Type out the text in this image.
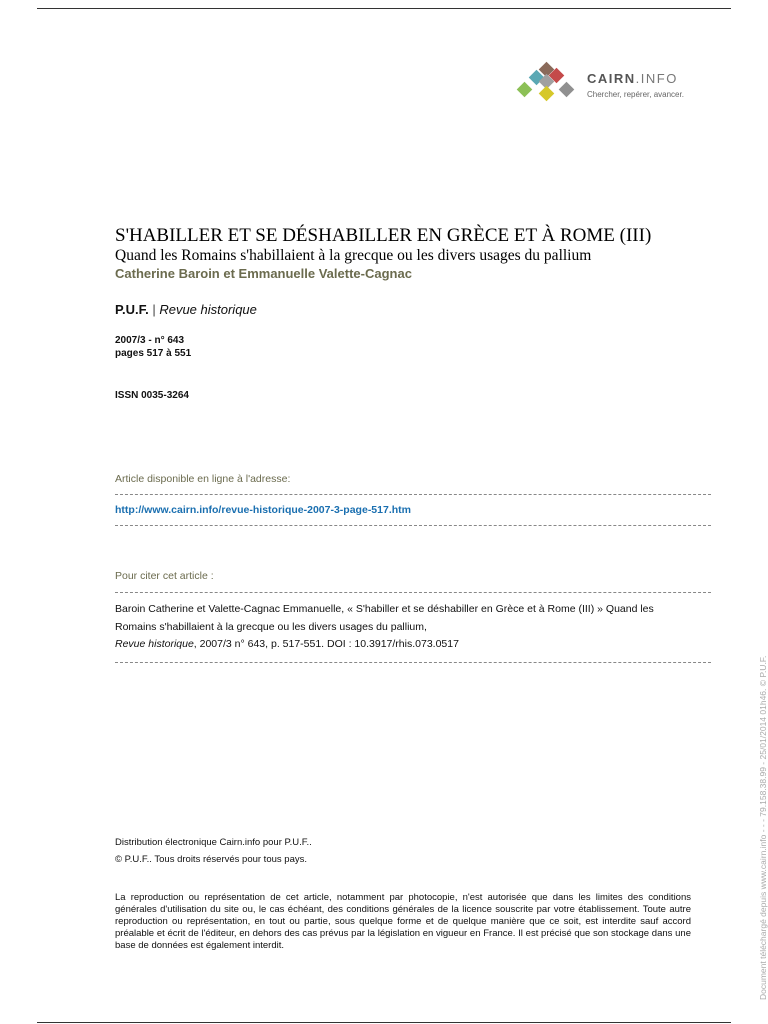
CAIRN.INFO
Chercher, repérer, avancer.
S'HABILLER ET SE DÉSHABILLER EN GRÈCE ET À ROME (III)
Quand les Romains s'habillaient à la grecque ou les divers usages du pallium
Catherine Baroin et Emmanuelle Valette-Cagnac
P.U.F. | Revue historique
2007/3 - n° 643
pages 517 à 551
ISSN 0035-3264
Article disponible en ligne à l'adresse:
http://www.cairn.info/revue-historique-2007-3-page-517.htm
Pour citer cet article :
Baroin Catherine et Valette-Cagnac Emmanuelle, « S'habiller et se déshabiller en Grèce et à Rome (III) » Quand les
Romains s'habillaient à la grecque ou les divers usages du pallium,
Revue historique, 2007/3 n° 643, p. 517-551. DOI : 10.3917/rhis.073.0517
Distribution électronique Cairn.info pour P.U.F..
© P.U.F.. Tous droits réservés pour tous pays.
La reproduction ou représentation de cet article, notamment par photocopie, n'est autorisée que dans les limites des conditions générales d'utilisation du site ou, le cas échéant, des conditions générales de la licence souscrite par votre établissement. Toute autre reproduction ou représentation, en tout ou partie, sous quelque forme et de quelque manière que ce soit, est interdite sauf accord préalable et écrit de l'éditeur, en dehors des cas prévus par la législation en vigueur en France. Il est précisé que son stockage dans une base de données est également interdit.	Document téléchargé depuis www.cairn.info - - - 79.158.38.99 - 25/01/2014 01h46. © P.U.F.
